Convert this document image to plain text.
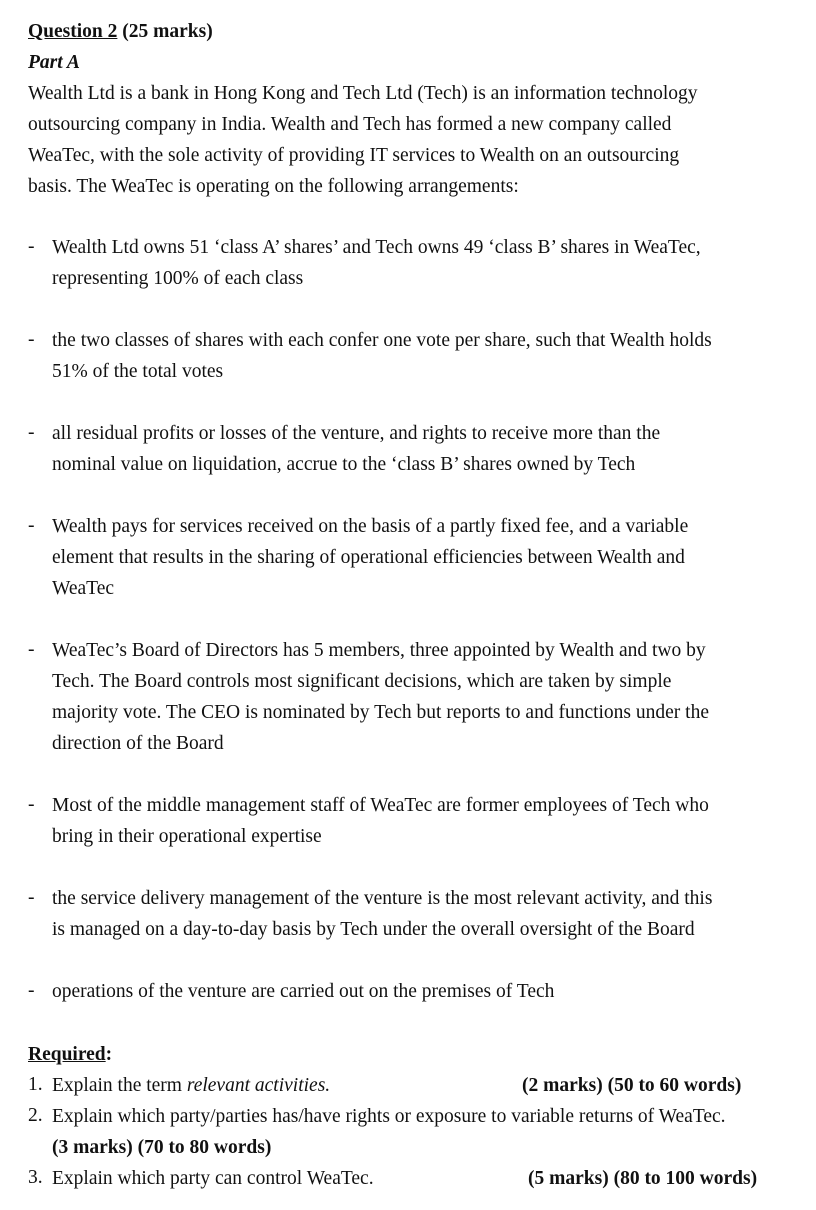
Question 2 (25 marks)
Part A
Wealth Ltd is a bank in Hong Kong and Tech Ltd (Tech) is an information technology
outsourcing company in India. Wealth and Tech has formed a new company called
WeaTec, with the sole activity of providing IT services to Wealth on an outsourcing
basis. The WeaTec is operating on the following arrangements:
- Wealth Ltd owns 51 ‘class A’ shares’ and Tech owns 49 ‘class B’ shares in WeaTec,
representing 100% of each class
- the two classes of shares with each confer one vote per share, such that Wealth holds
51% of the total votes
- all residual profits or losses of the venture, and rights to receive more than the
nominal value on liquidation, accrue to the ‘class B’ shares owned by Tech
- Wealth pays for services received on the basis of a partly fixed fee, and a variable
element that results in the sharing of operational efficiencies between Wealth and
WeaTec
- WeaTec’s Board of Directors has 5 members, three appointed by Wealth and two by
Tech. The Board controls most significant decisions, which are taken by simple
majority vote. The CEO is nominated by Tech but reports to and functions under the
direction of the Board
- Most of the middle management staff of WeaTec are former employees of Tech who
bring in their operational expertise
- the service delivery management of the venture is the most relevant activity, and this
is managed on a day-to-day basis by Tech under the overall oversight of the Board
- operations of the venture are carried out on the premises of Tech
Required:
1. Explain the term relevant activities.	(2 marks) (50 to 60 words)
2. Explain which party/parties has/have rights or exposure to variable returns of WeaTec.
(3 marks) (70 to 80 words)
3. Explain which party can control WeaTec.	(5 marks) (80 to 100 words)
